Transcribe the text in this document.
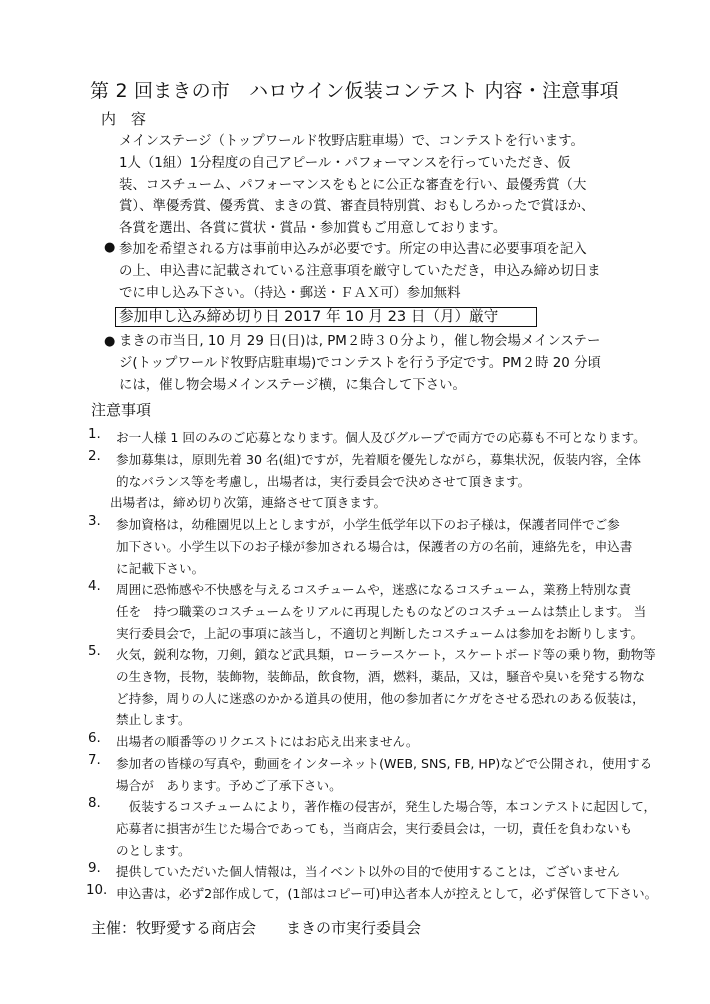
第 2 回まきの市　ハロウイン仮装コンテスト 内容・注意事項
内　容
メインステージ（トップワールド牧野店駐車場）で、コンテストを行います。
1人（1組）1分程度の自己アピール・パフォーマンスを行っていただき、仮
装、コスチューム、パフォーマンスをもとに公正な審査を行い、最優秀賞（大
賞）、準優秀賞、優秀賞、まきの賞、審査員特別賞、おもしろかったで賞ほか、
各賞を選出、各賞に賞状・賞品・参加賞もご用意しております。
● 参加を希望される方は事前申込みが必要です。所定の申込書に必要事項を記入
の上、申込書に記載されている注意事項を厳守していただき，申込み締め切日ま
でに申し込み下さい。（持込・郵送・ＦＡＸ可）参加無料
参加申し込み締め切り日 2017 年 10 月 23 日（月）厳守
● まきの市当日, 10 月 29 日(日)は, PM２時３０分より，催し物会場メインステー
ジ(トップワールド牧野店駐車場)でコンテストを行う予定です。PM２時 20 分頃
には，催し物会場メインステージ横，に集合して下さい。
注意事項
1. お一人様 1 回のみのご応募となります。個人及びグループで両方での応募も不可となります。
2. 参加募集は，原則先着 30 名(組)ですが，先着順を優先しながら，募集状況，仮装内容，全体
的なバランス等を考慮し，出場者は，実行委員会で決めさせて頂きます。
出場者は，締め切り次第，連絡させて頂きます。
3. 参加資格は，幼稚園児以上としますが，小学生低学年以下のお子様は，保護者同伴でご参
加下さい。小学生以下のお子様が参加される場合は，保護者の方の名前，連絡先を，申込書
に記載下さい。
4. 周囲に恐怖感や不快感を与えるコスチュームや，迷惑になるコスチューム，業務上特別な責
任を　持つ職業のコスチュームをリアルに再現したものなどのコスチュームは禁止します。 当
実行委員会で，上記の事項に該当し，不適切と判断したコスチュームは参加をお断りします。
5. 火気，鋭利な物，刀剣，鎖など武具類，ローラースケート，スケートボード等の乗り物，動物等
の生き物，長物，装飾物，装飾品，飲食物，酒，燃料，薬品，又は，騒音や臭いを発する物な
ど持参，周りの人に迷惑のかかる道具の使用，他の参加者にケガをさせる恐れのある仮装は，
禁止します。
6. 出場者の順番等のリクエストにはお応え出来ません。
7. 参加者の皆様の写真や，動画をインターネット(WEB, SNS, FB, HP)などで公開され，使用する
場合が　あります。予めご了承下さい。
8. 　仮装するコスチュームにより，著作権の侵害が，発生した場合等，本コンテストに起因して，
応募者に損害が生じた場合であっても，当商店会，実行委員会は，一切，責任を負わないも
のとします。
9. 提供していただいた個人情報は，当イベント以外の目的で使用することは，ございません
10. 申込書は，必ず2部作成して，(1部はコピー可)申込者本人が控えとして，必ず保管して下さい。

主催：牧野愛する商店会　　まきの市実行委員会
